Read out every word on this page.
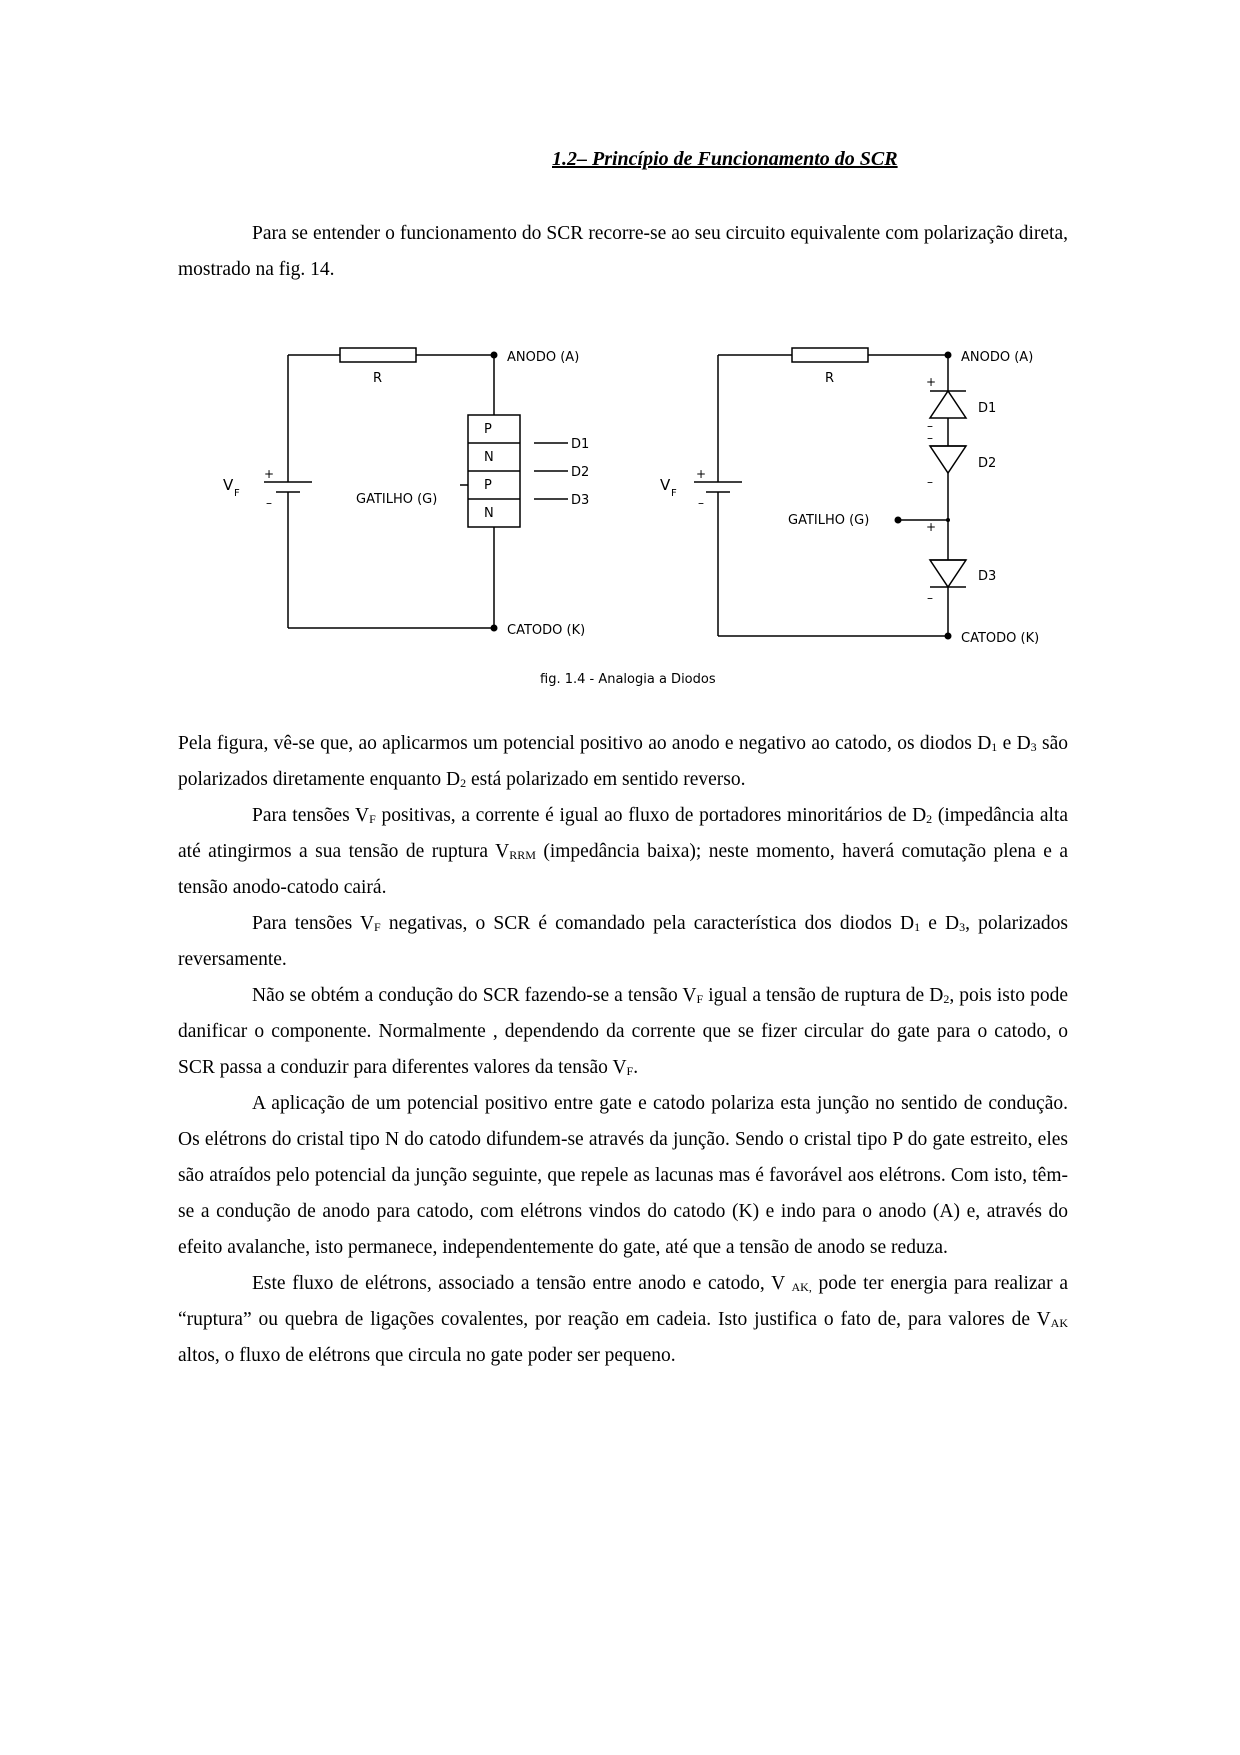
1.2– Princípio de Funcionamento do SCR

Para se entender o funcionamento do SCR recorre-se ao seu circuito equivalente com polarização direta, mostrado na fig. 14.

ANODO (A)
CATODO (K)
GATILHO (G)
R
V F
+
–
P
N
P
N
D1
D2
D3
ANODO (A)
CATODO (K)
GATILHO (G)
R
V F
+
–
D1
D2
D3
+
–
–
–
+
–
fig. 1.4 - Analogia a Diodos

Pela figura, vê-se que, ao aplicarmos um potencial positivo ao anodo e negativo ao catodo, os diodos $D_1$ e $D_3$ são polarizados diretamente enquanto $D_2$ está polarizado em sentido reverso.

Para tensões $V_F$ positivas, a corrente é igual ao fluxo de portadores minoritários de $D_2$ (impedância alta até atingirmos a sua tensão de ruptura $V_{RRM}$ (impedância baixa); neste momento, haverá comutação plena e a tensão anodo-catodo cairá.

Para tensões $V_F$ negativas, o SCR é comandado pela característica dos diodos $D_1$ e $D_3$, polarizados reversamente.

Não se obtém a condução do SCR fazendo-se a tensão $V_F$ igual a tensão de ruptura de $D_2$, pois isto pode danificar o componente. Normalmente , dependendo da corrente que se fizer circular do gate para o catodo, o SCR passa a conduzir para diferentes valores da tensão $V_F$.

A aplicação de um potencial positivo entre gate e catodo polariza esta junção no sentido de condução. Os elétrons do cristal tipo N do catodo difundem-se através da junção. Sendo o cristal tipo P do gate estreito, eles são atraídos pelo potencial da junção seguinte, que repele as lacunas mas é favorável aos elétrons. Com isto, têm-se a condução de anodo para catodo, com elétrons vindos do catodo (K) e indo para o anodo (A) e, através do efeito avalanche, isto permanece, independentemente do gate, até que a tensão de anodo se reduza.

Este fluxo de elétrons, associado a tensão entre anodo e catodo, V $_{AK,}$ pode ter energia para realizar a “ruptura” ou quebra de ligações covalentes, por reação em cadeia. Isto justifica o fato de, para valores de $V_{AK}$ altos, o fluxo de elétrons que circula no gate poder ser pequeno.
